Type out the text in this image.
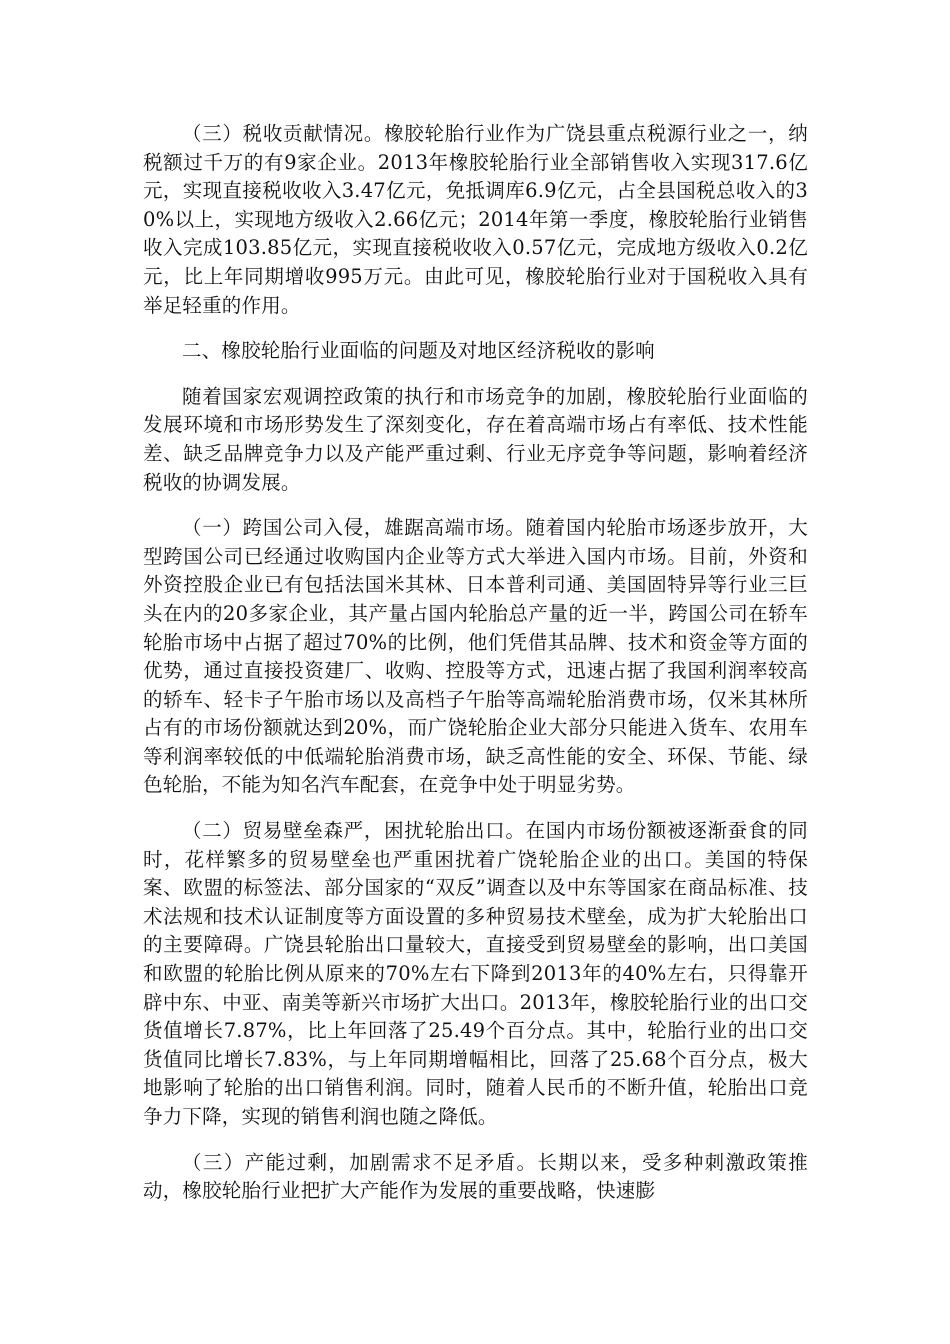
（三）税收贡献情况。橡胶轮胎行业作为广饶县重点税源行业之一，纳税额过千万的有9家企业。2013年橡胶轮胎行业全部销售收入实现317.6亿元，实现直接税收收入3.47亿元，免抵调库6.9亿元，占全县国税总收入的30%以上，实现地方级收入2.66亿元；2014年第一季度，橡胶轮胎行业销售收入完成103.85亿元，实现直接税收收入0.57亿元，完成地方级收入0.2亿元，比上年同期增收995万元。由此可见，橡胶轮胎行业对于国税收入具有举足轻重的作用。

二、橡胶轮胎行业面临的问题及对地区经济税收的影响

随着国家宏观调控政策的执行和市场竞争的加剧，橡胶轮胎行业面临的发展环境和市场形势发生了深刻变化，存在着高端市场占有率低、技术性能差、缺乏品牌竞争力以及产能严重过剩、行业无序竞争等问题，影响着经济税收的协调发展。

（一）跨国公司入侵，雄踞高端市场。随着国内轮胎市场逐步放开，大型跨国公司已经通过收购国内企业等方式大举进入国内市场。目前，外资和外资控股企业已有包括法国米其林、日本普利司通、美国固特异等行业三巨头在内的20多家企业，其产量占国内轮胎总产量的近一半，跨国公司在轿车轮胎市场中占据了超过70%的比例，他们凭借其品牌、技术和资金等方面的优势，通过直接投资建厂、收购、控股等方式，迅速占据了我国利润率较高的轿车、轻卡子午胎市场以及高档子午胎等高端轮胎消费市场，仅米其林所占有的市场份额就达到20%，而广饶轮胎企业大部分只能进入货车、农用车等利润率较低的中低端轮胎消费市场，缺乏高性能的安全、环保、节能、绿色轮胎，不能为知名汽车配套，在竞争中处于明显劣势。

（二）贸易壁垒森严，困扰轮胎出口。在国内市场份额被逐渐蚕食的同时，花样繁多的贸易壁垒也严重困扰着广饶轮胎企业的出口。美国的特保案、欧盟的标签法、部分国家的“双反”调查以及中东等国家在商品标准、技术法规和技术认证制度等方面设置的多种贸易技术壁垒，成为扩大轮胎出口的主要障碍。广饶县轮胎出口量较大，直接受到贸易壁垒的影响，出口美国和欧盟的轮胎比例从原来的70%左右下降到2013年的40%左右，只得靠开辟中东、中亚、南美等新兴市场扩大出口。2013年，橡胶轮胎行业的出口交货值增长7.87%，比上年回落了25.49个百分点。其中，轮胎行业的出口交货值同比增长7.83%，与上年同期增幅相比，回落了25.68个百分点，极大地影响了轮胎的出口销售利润。同时，随着人民币的不断升值，轮胎出口竞争力下降，实现的销售利润也随之降低。

（三）产能过剩，加剧需求不足矛盾。长期以来，受多种刺激政策推动，橡胶轮胎行业把扩大产能作为发展的重要战略，快速膨
